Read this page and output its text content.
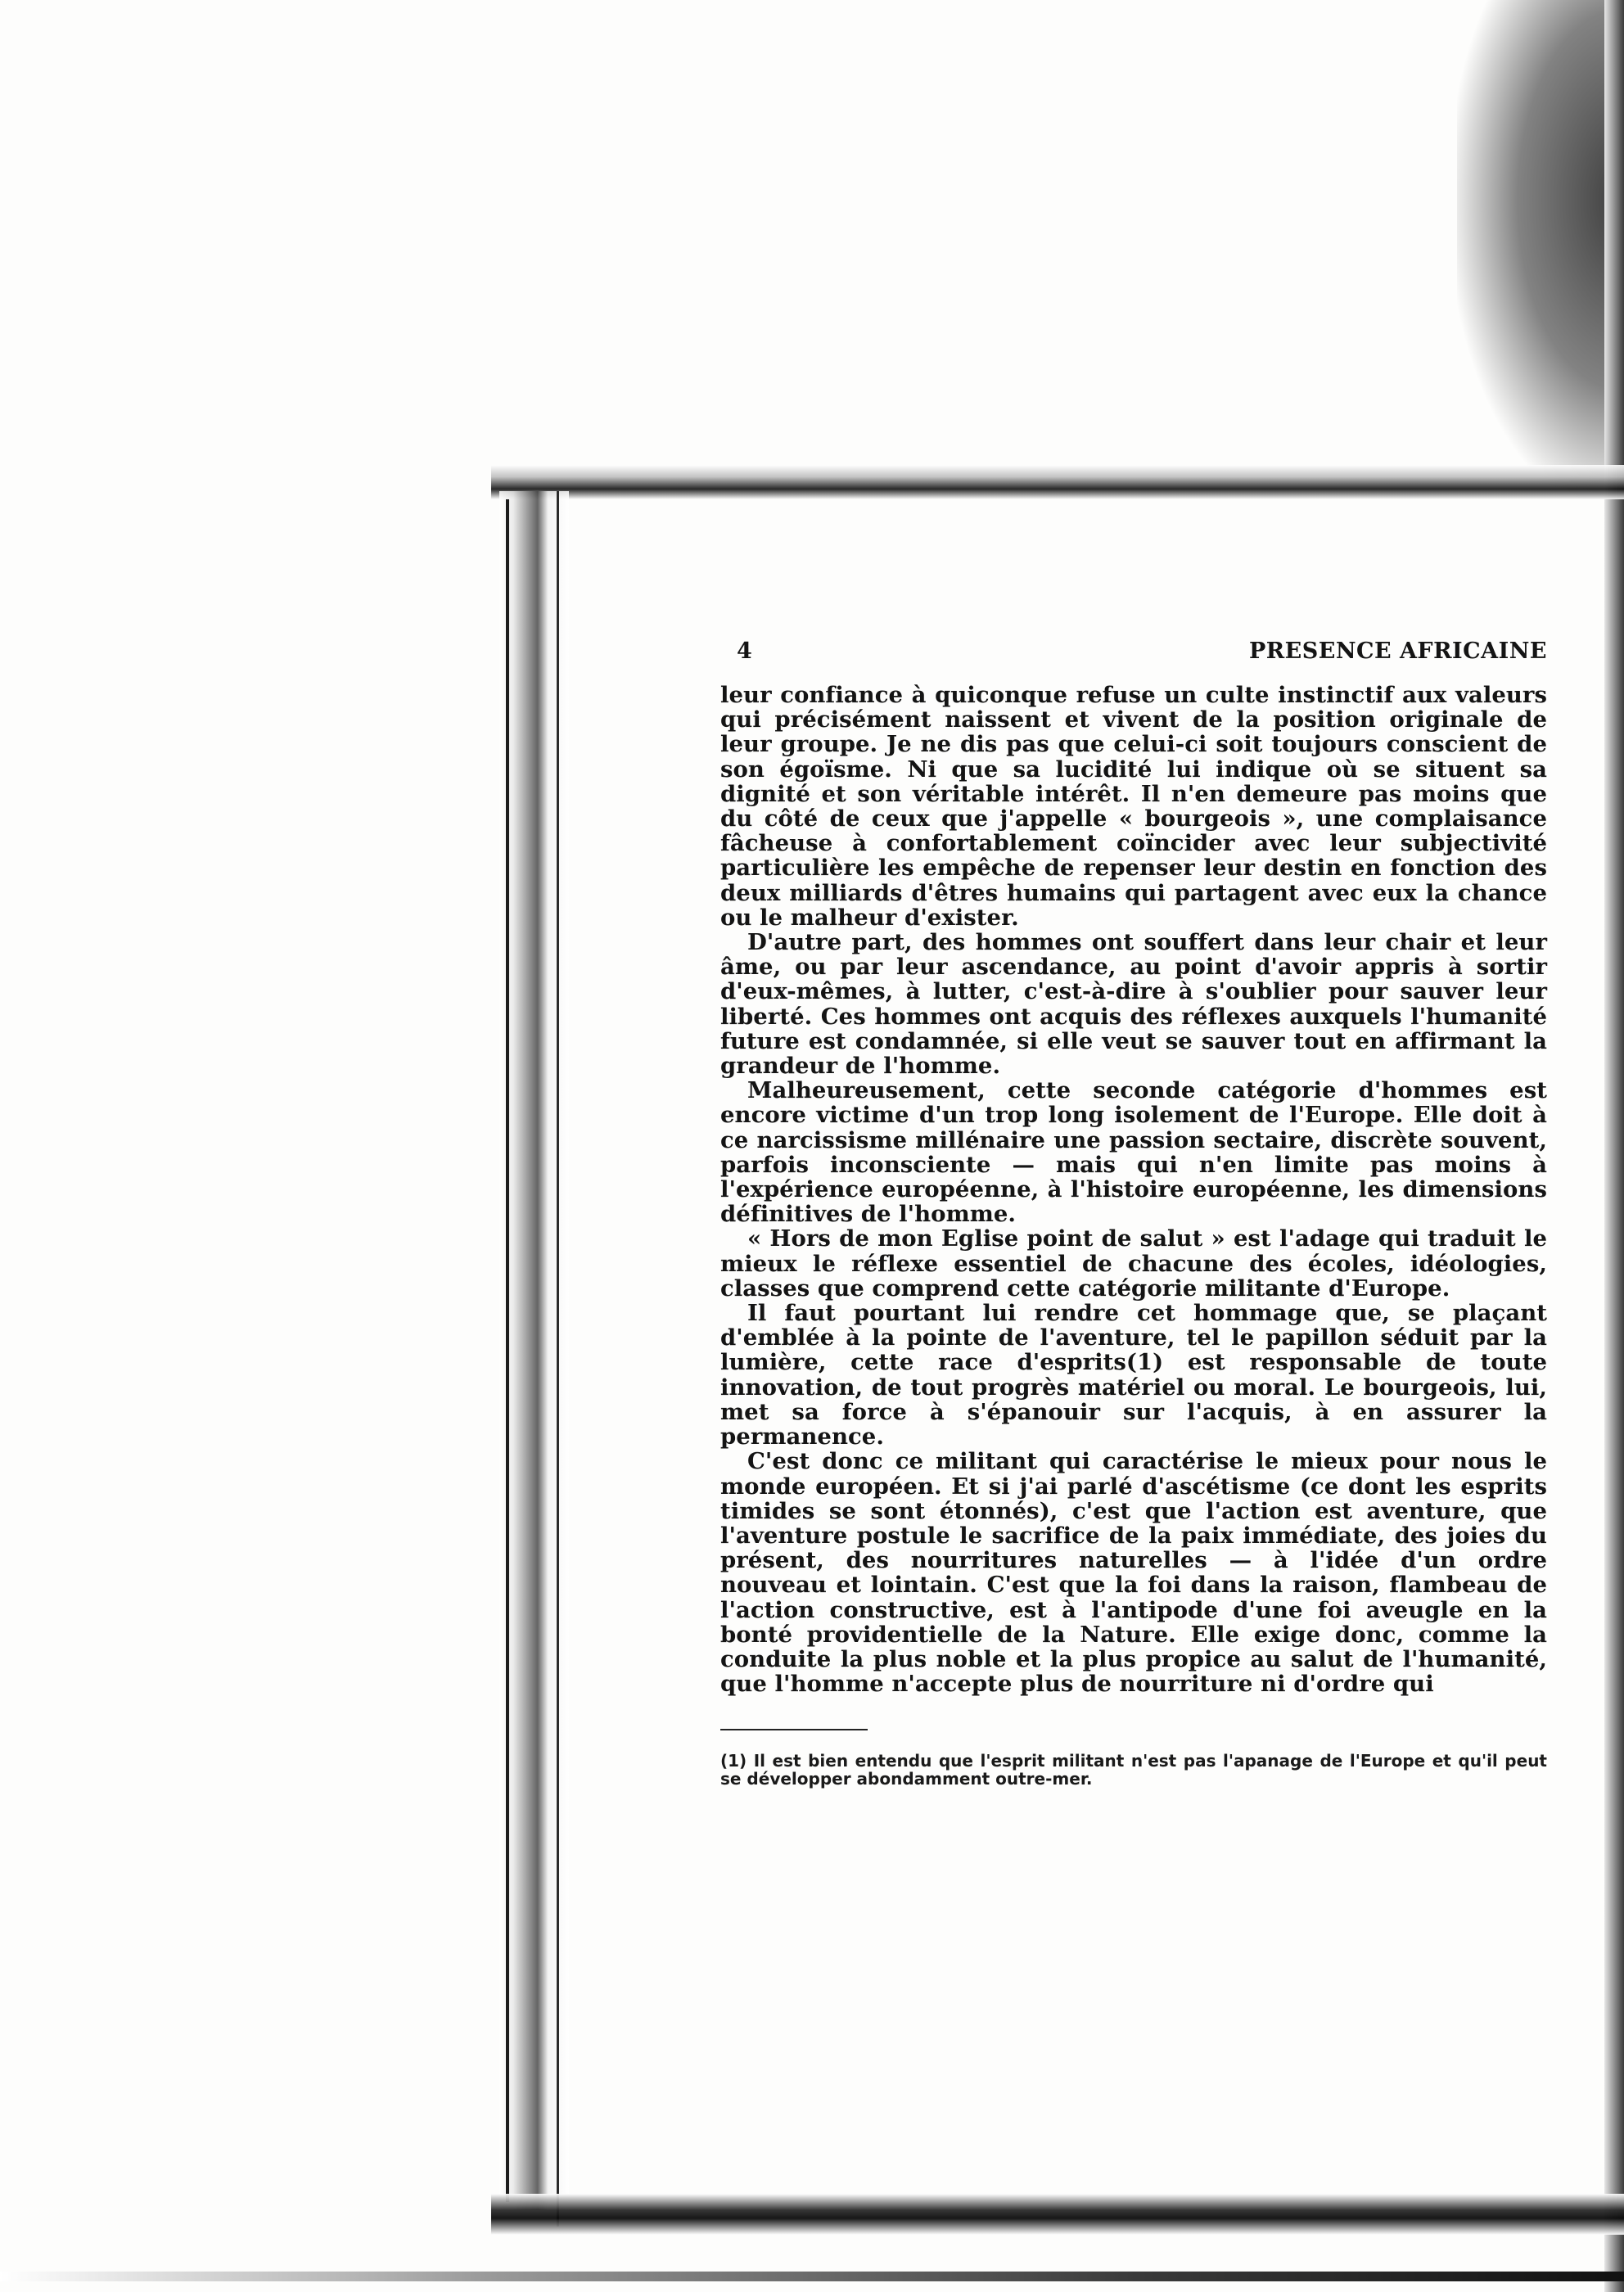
4	PRESENCE AFRICAINE

leur confiance à quiconque refuse un culte instinctif aux valeurs qui précisément naissent et vivent de la position originale de leur groupe. Je ne dis pas que celui-ci soit toujours conscient de son égoïsme. Ni que sa lucidité lui indique où se situent sa dignité et son véritable intérêt. Il n'en demeure pas moins que du côté de ceux que j'appelle « bourgeois », une complaisance fâcheuse à confortablement coïncider avec leur subjectivité particulière les empêche de repenser leur destin en fonction des deux milliards d'êtres humains qui partagent avec eux la chance ou le malheur d'exister.

D'autre part, des hommes ont souffert dans leur chair et leur âme, ou par leur ascendance, au point d'avoir appris à sortir d'eux-mêmes, à lutter, c'est-à-dire à s'oublier pour sauver leur liberté. Ces hommes ont acquis des réflexes auxquels l'humanité future est condamnée, si elle veut se sauver tout en affirmant la grandeur de l'homme.

Malheureusement, cette seconde catégorie d'hommes est encore victime d'un trop long isolement de l'Europe. Elle doit à ce narcissisme millénaire une passion sectaire, discrète souvent, parfois inconsciente — mais qui n'en limite pas moins à l'expérience européenne, à l'histoire européenne, les dimensions définitives de l'homme.

« Hors de mon Eglise point de salut » est l'adage qui traduit le mieux le réflexe essentiel de chacune des écoles, idéologies, classes que comprend cette catégorie militante d'Europe.

Il faut pourtant lui rendre cet hommage que, se plaçant d'emblée à la pointe de l'aventure, tel le papillon séduit par la lumière, cette race d'esprits(1) est responsable de toute innovation, de tout progrès matériel ou moral. Le bourgeois, lui, met sa force à s'épanouir sur l'acquis, à en assurer la permanence.

C'est donc ce militant qui caractérise le mieux pour nous le monde européen. Et si j'ai parlé d'ascétisme (ce dont les esprits timides se sont étonnés), c'est que l'action est aventure, que l'aventure postule le sacrifice de la paix immédiate, des joies du présent, des nourritures naturelles — à l'idée d'un ordre nouveau et lointain. C'est que la foi dans la raison, flambeau de l'action constructive, est à l'antipode d'une foi aveugle en la bonté providentielle de la Nature. Elle exige donc, comme la conduite la plus noble et la plus propice au salut de l'humanité, que l'homme n'accepte plus de nourriture ni d'ordre qui

(1) Il est bien entendu que l'esprit militant n'est pas l'apanage de l'Europe et qu'il peut se développer abondamment outre-mer.
